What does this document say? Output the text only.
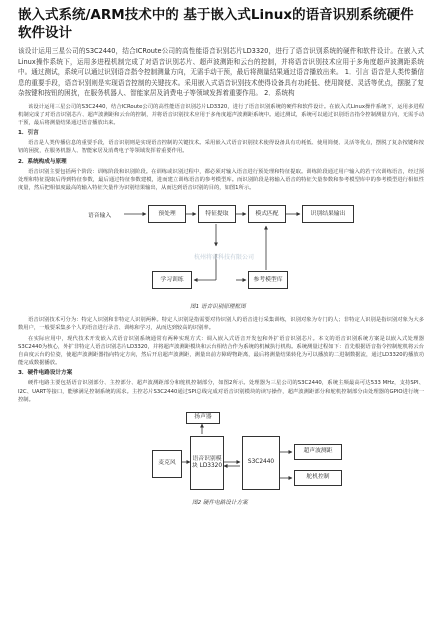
嵌入式系统/ARM技术中的 基于嵌入式Linux的语音识别系统硬件软件设计
该设计运用三星公司的S3C2440，结合ICRoute公司的高性能语音识别芯片LD3320，进行了语音识别系统的硬件和软件设计。在嵌入式Linux操作系统下，运用多进程机制完成了对语音识别芯片、超声波测距和云台的控制，并将语音识别技术应用于多角度超声波测距系统中。通过测试，系统可以通过识别语音指令控制测量方向，无需手动干预，最后将测量结果通过语音播放出来。 1．引言 语音是人类传播信息的重要手段，语音识别则是实现语音控制的关键技术。采用嵌入式语音识别技术使得设备具有功耗低、使用简便、灵活等优点，摆脱了复杂按键和按钮的困扰，在服务机器人、智能家居及消费电子等领域发挥着重要作用。 2．系统构
该设计运用三星公司的S3C2440，结合ICRoute公司的高性能语音识别芯片LD3320，进行了语音识别系统的硬件和软件设计。在嵌入式Linux操作系统下，运用多进程机制完成了对语音识别芯片、超声波测距和云台的控制，并将语音识别技术应用于多角度超声波测距系统中。通过测试，系统可以通过识别语音指令控制测量方向，无需手动干预，最后将测量结果通过语音播放出来。
1．引言
语音是人类传播信息的重要手段，语音识别则是实现语音控制的关键技术。采用嵌入式语音识别技术使得设备具有功耗低、使用简便、灵活等优点，摆脱了复杂按键和按钮的困扰，在服务机器人、智能家居及消费电子等领域发挥着重要作用。
2．系统构成与原理
语音识别主要包括两个阶段：训练阶段和识别阶段。在训练或识别过程中，都必须对输入语音进行预处理和特征提取。训练阶段通过用户输入的若干次训练语音，经过预处理和特征提取后得到特征参数，最后通过特征参数建模，进而建立训练语音的参考模型库。而识别阶段是将输入语音的特征矢量参数和参考模型库中的参考模型进行相似性度量，然后把相似度最高的输入特征矢量作为识别结果输出，从而达到语音识别的目的，如图1所示。
语音输入	预处理	特征提取	模式匹配	识别结果输出
学习训练	参考模型库
杭州将睿科技有限公司
图1 语音识别原理框图
语音识别技术可分为：特定人识别和非特定人识别两种。特定人识别是指需要对待识别人的语音进行采集训练，识别对象为专门的人；非特定人识别是指识别对象为大多数用户，一般要采集多个人的语音进行录音、训练和学习，从而达到较高的识别率。
在实际应用中，现代技术开发嵌入式语音识别系统通常有两种实现方式：调入嵌入式语音开发包和外扩语音识别芯片。本文的语音识别系统方案是以嵌入式处理器S3C2440为核心，外扩非特定人语音识别芯片LD3320，并将超声波测距模块和云台相结合作为系统的机械执行机构。系统测量过程如下：首先根据语音指令控制舵机将云台自由度云台的位姿，使超声波测距器指向特定方向，然后开启超声波测距，测量出前方障碍物距离，最后将测量结果转化为可以播放的二进制数据流，通过LD3320的播放功能完成数据播放。
3．硬件电路设计方案
硬件电路主要包括语音识别部分、主控部分、超声波测距部分和舵机控制部分，如图2所示。处理器为三星公司的S3C2440，系统主频最高可达533 MHz，支持SPI、I2C、UART等接口，能够满足控制系统的需求。主控芯片S3C2440通过SPI总线完成对语音识别模块的读写操作，超声波测距部分和舵机控制部分由处理器的GPIO进行统一控制。
扬声器
麦克风
语音识别模块 LD3320
S3C2440
超声波测距
舵机控制
图2 硬件电路设计方案
